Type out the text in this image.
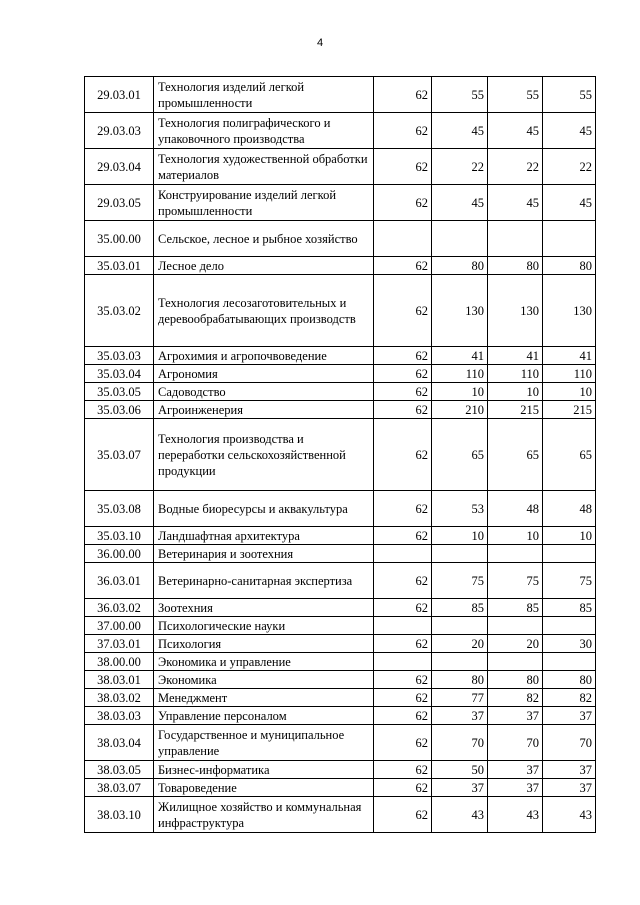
4
29.03.01	Технология изделий легкой промышленности	62	55	55	55
29.03.03	Технология полиграфического и упаковочного производства	62	45	45	45
29.03.04	Технология художественной обработки материалов	62	22	22	22
29.03.05	Конструирование изделий легкой промышленности	62	45	45	45
35.00.00	Сельское, лесное и рыбное хозяйство				
35.03.01	Лесное дело	62	80	80	80
35.03.02	Технология лесозаготовительных и деревообрабатывающих производств	62	130	130	130
35.03.03	Агрохимия и агропочвоведение	62	41	41	41
35.03.04	Агрономия	62	110	110	110
35.03.05	Садоводство	62	10	10	10
35.03.06	Агроинженерия	62	210	215	215
35.03.07	Технология производства и переработки сельскохозяйственной продукции	62	65	65	65
35.03.08	Водные биоресурсы и аквакультура	62	53	48	48
35.03.10	Ландшафтная архитектура	62	10	10	10
36.00.00	Ветеринария и зоотехния				
36.03.01	Ветеринарно-санитарная экспертиза	62	75	75	75
36.03.02	Зоотехния	62	85	85	85
37.00.00	Психологические науки				
37.03.01	Психология	62	20	20	30
38.00.00	Экономика и управление				
38.03.01	Экономика	62	80	80	80
38.03.02	Менеджмент	62	77	82	82
38.03.03	Управление персоналом	62	37	37	37
38.03.04	Государственное и муниципальное управление	62	70	70	70
38.03.05	Бизнес-информатика	62	50	37	37
38.03.07	Товароведение	62	37	37	37
38.03.10	Жилищное хозяйство и коммунальная инфраструктура	62	43	43	43
